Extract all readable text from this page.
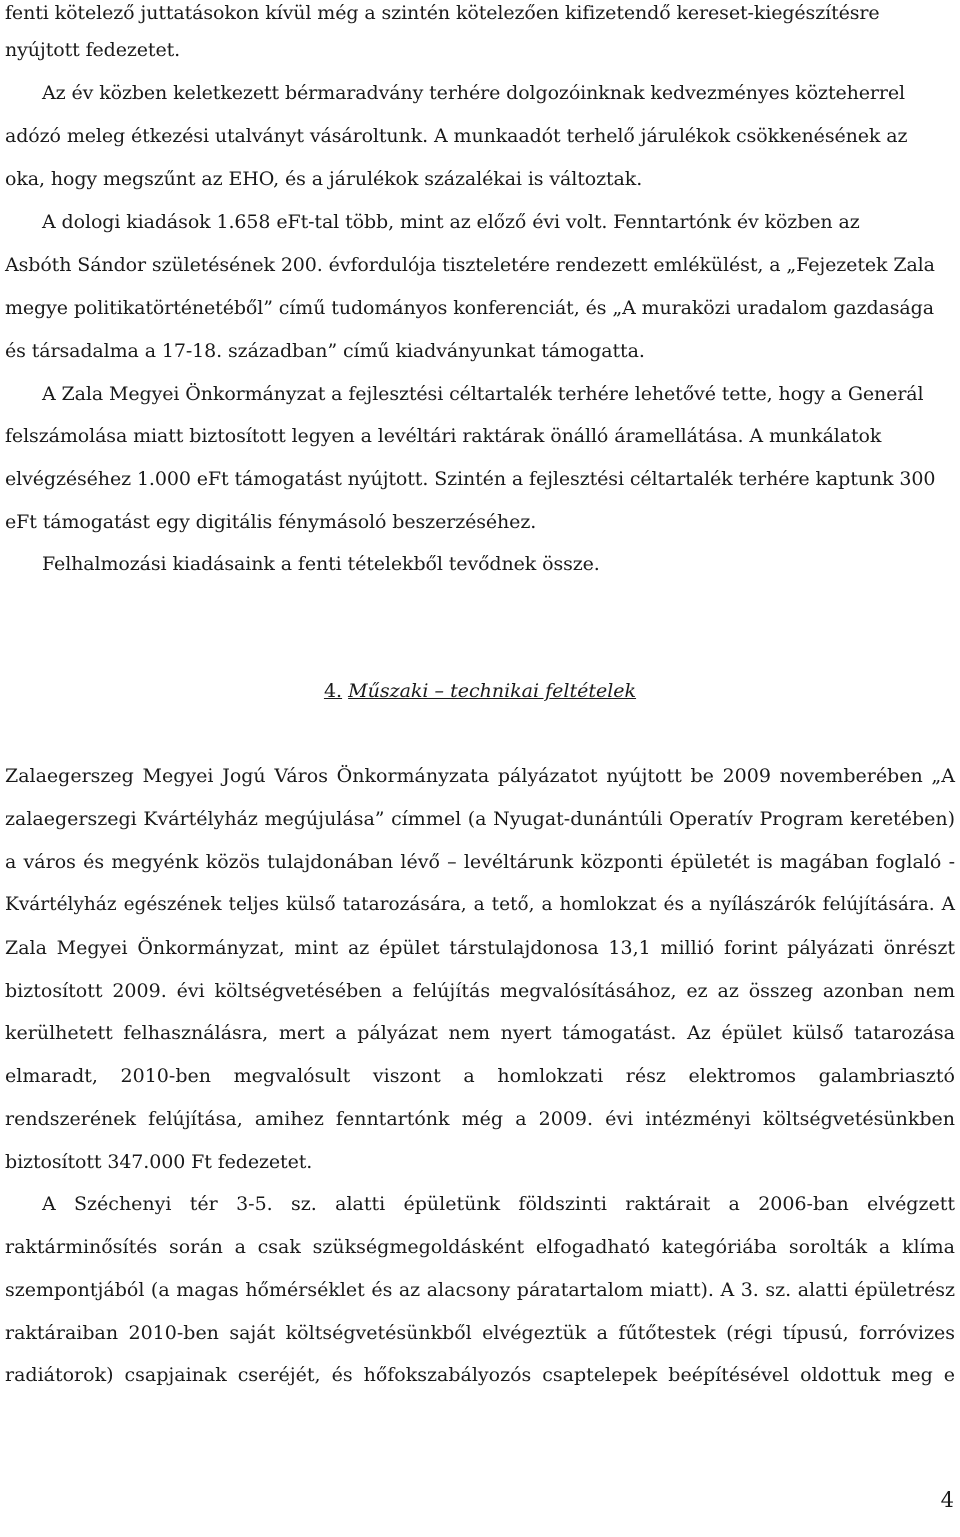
fenti kötelező juttatásokon kívül még a szintén kötelezően kifizetendő kereset-kiegészítésre
nyújtott fedezetet.
Az év közben keletkezett bérmaradvány terhére dolgozóinknak kedvezményes közteherrel
adózó meleg étkezési utalványt vásároltunk. A munkaadót terhelő járulékok csökkenésének az
oka, hogy megszűnt az EHO, és a járulékok százalékai is változtak.
A dologi kiadások 1.658 eFt-tal több, mint az előző évi volt. Fenntartónk év közben az
Asbóth Sándor születésének 200. évfordulója tiszteletére rendezett emlékülést, a „Fejezetek Zala
megye politikatörténetéből” című tudományos konferenciát, és „A muraközi uradalom gazdasága
és társadalma a 17-18. században” című kiadványunkat támogatta.
A Zala Megyei Önkormányzat a fejlesztési céltartalék terhére lehetővé tette, hogy a Generál
felszámolása miatt biztosított legyen a levéltári raktárak önálló áramellátása. A munkálatok
elvégzéséhez 1.000 eFt támogatást nyújtott. Szintén a fejlesztési céltartalék terhére kaptunk 300
eFt támogatást egy digitális fénymásoló beszerzéséhez.
Felhalmozási kiadásaink a fenti tételekből tevődnek össze.
4. Műszaki – technikai feltételek
Zalaegerszeg Megyei Jogú Város Önkormányzata pályázatot nyújtott be 2009 novemberében „A
zalaegerszegi Kvártélyház megújulása” címmel (a Nyugat-dunántúli Operatív Program keretében)
a város és megyénk közös tulajdonában lévő – levéltárunk központi épületét is magában foglaló -
Kvártélyház egészének teljes külső tatarozására, a tető, a homlokzat és a nyílászárók felújítására. A
Zala Megyei Önkormányzat, mint az épület társtulajdonosa 13,1 millió forint pályázati önrészt
biztosított 2009. évi költségvetésében a felújítás megvalósításához, ez az összeg azonban nem
kerülhetett felhasználásra, mert a pályázat nem nyert támogatást. Az épület külső tatarozása
elmaradt, 2010-ben megvalósult viszont a homlokzati rész elektromos galambriasztó
rendszerének felújítása, amihez fenntartónk még a 2009. évi intézményi költségvetésünkben
biztosított 347.000 Ft fedezetet.
A Széchenyi tér 3-5. sz. alatti épületünk földszinti raktárait a 2006-ban elvégzett
raktárminősítés során a csak szükségmegoldásként elfogadható kategóriába sorolták a klíma
szempontjából (a magas hőmérséklet és az alacsony páratartalom miatt). A 3. sz. alatti épületrész
raktáraiban 2010-ben saját költségvetésünkből elvégeztük a fűtőtestek (régi típusú, forróvizes
radiátorok) csapjainak cseréjét, és hőfokszabályozós csaptelepek beépítésével oldottuk meg e
4
